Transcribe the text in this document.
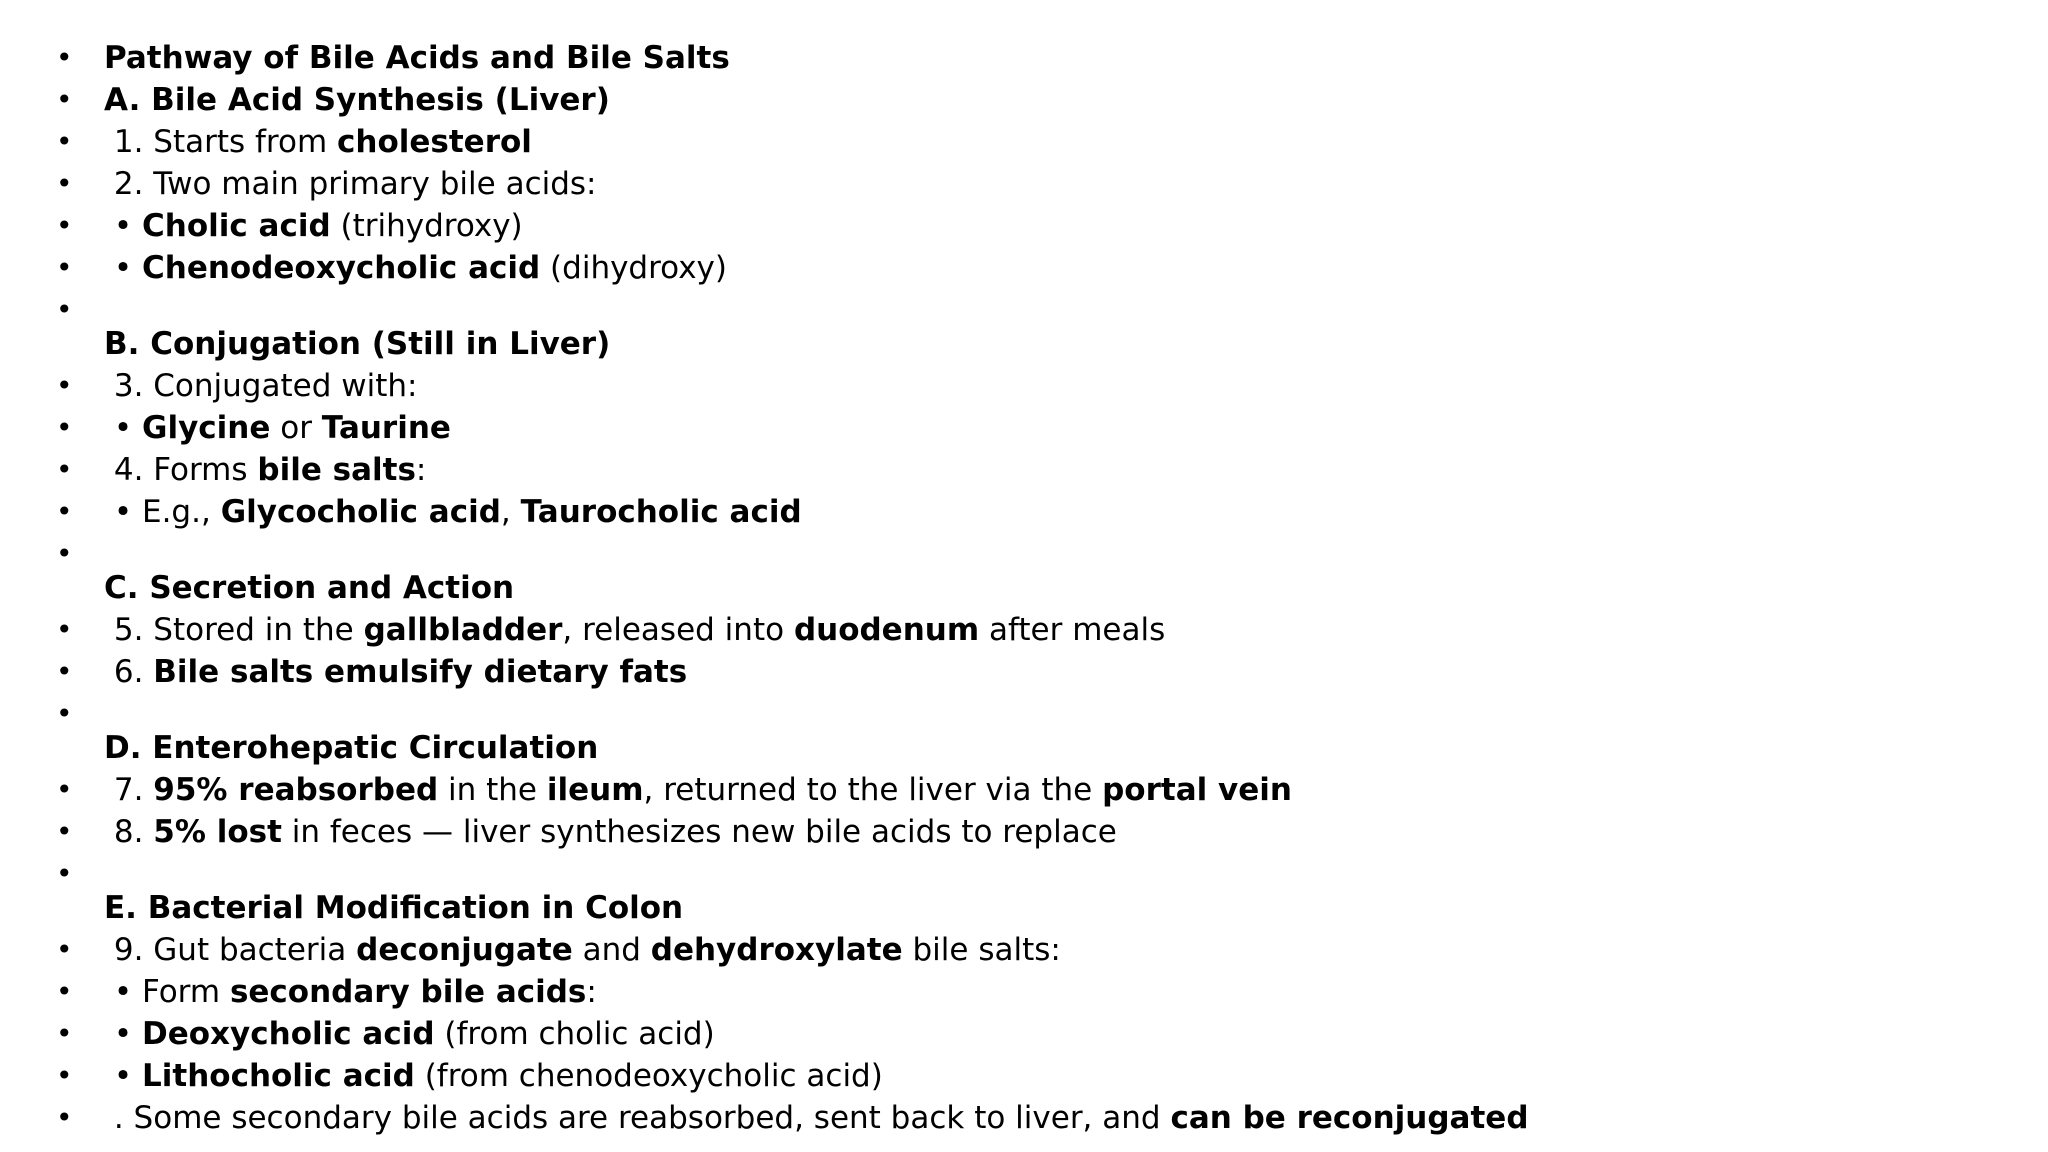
•	Pathway of Bile Acids and Bile Salts
•	A. Bile Acid Synthesis (Liver)
•	1. Starts from cholesterol
•	2. Two main primary bile acids:
•	• Cholic acid (trihydroxy)
•	• Chenodeoxycholic acid (dihydroxy)
•
B. Conjugation (Still in Liver)
•	3. Conjugated with:
•	• Glycine or Taurine
•	4. Forms bile salts:
•	• E.g., Glycocholic acid, Taurocholic acid
•
C. Secretion and Action
•	5. Stored in the gallbladder, released into duodenum after meals
•	6. Bile salts emulsify dietary fats
•
D. Enterohepatic Circulation
•	7. 95% reabsorbed in the ileum, returned to the liver via the portal vein
•	8. 5% lost in feces — liver synthesizes new bile acids to replace
•
E. Bacterial Modification in Colon
•	9. Gut bacteria deconjugate and dehydroxylate bile salts:
•	• Form secondary bile acids:
•	• Deoxycholic acid (from cholic acid)
•	• Lithocholic acid (from chenodeoxycholic acid)
•	. Some secondary bile acids are reabsorbed, sent back to liver, and can be reconjugated
